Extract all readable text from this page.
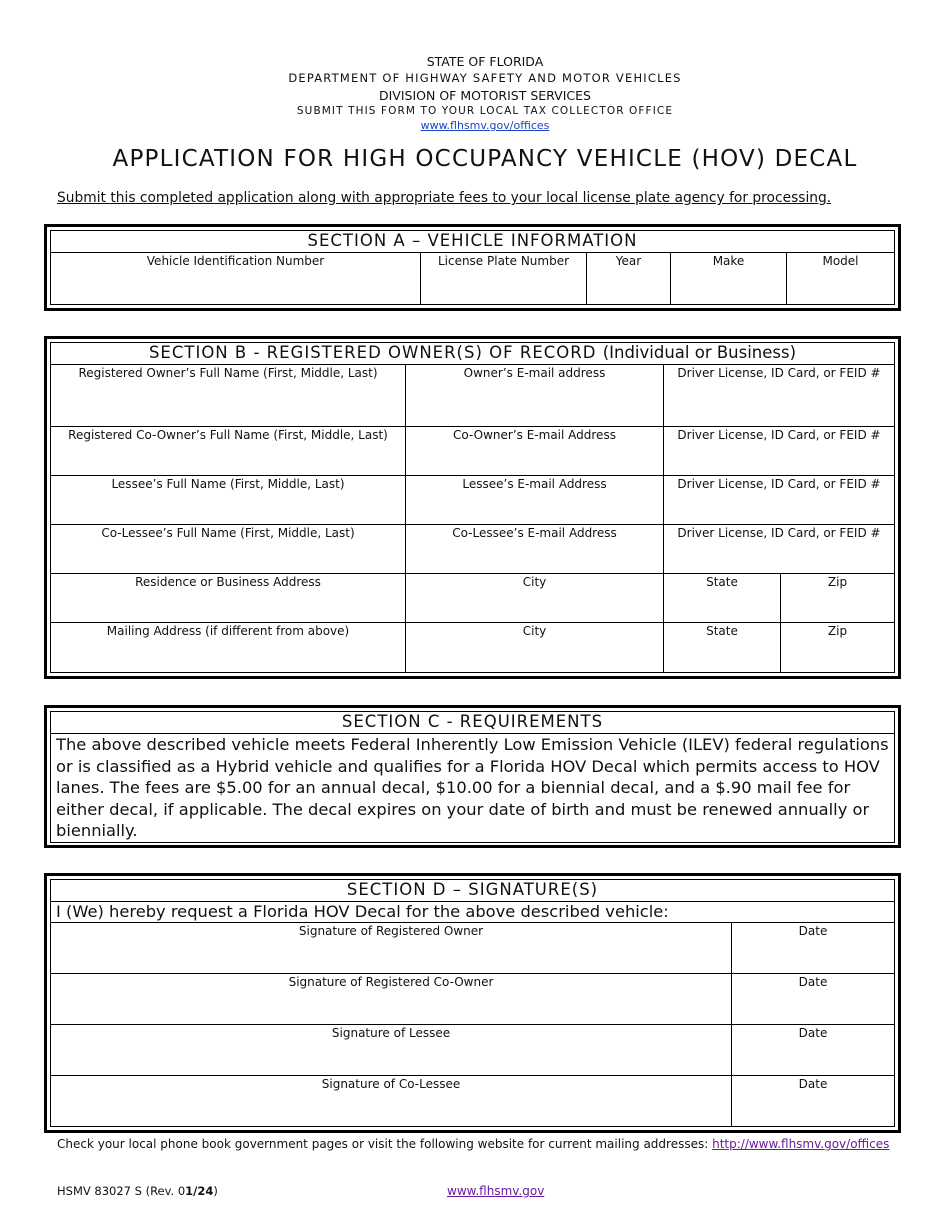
STATE OF FLORIDA
DEPARTMENT OF HIGHWAY SAFETY AND MOTOR VEHICLES
DIVISION OF MOTORIST SERVICES
SUBMIT THIS FORM TO YOUR LOCAL TAX COLLECTOR OFFICE
www.flhsmv.gov/offices
APPLICATION FOR HIGH OCCUPANCY VEHICLE (HOV) DECAL
Submit this completed application along with appropriate fees to your local license plate agency for processing.
SECTION A – VEHICLE INFORMATION

Vehicle Identification Number	License Plate Number	Year	Make	Model
SECTION B - REGISTERED OWNER(S) OF RECORD (Individual or Business)			

Registered Owner’s Full Name (First, Middle, Last)	Owner’s E-mail address	Driver License, ID Card, or FEID #	

Registered Co-Owner’s Full Name (First, Middle, Last)	Co-Owner’s E-mail Address	Driver License, ID Card, or FEID #	

Lessee’s Full Name (First, Middle, Last)	Lessee’s E-mail Address	Driver License, ID Card, or FEID #	

Co-Lessee’s Full Name (First, Middle, Last)	Co-Lessee’s E-mail Address	Driver License, ID Card, or FEID #	

Residence or Business Address	City	State	Zip

Mailing Address (if different from above)	City	State	Zip
SECTION C - REQUIREMENTS
The above described vehicle meets Federal Inherently Low Emission Vehicle (ILEV) federal regulations or is classified as a Hybrid vehicle and qualifies for a Florida HOV Decal which permits access to HOV lanes. The fees are $5.00 for an annual decal, $10.00 for a biennial decal, and a $.90 mail fee for either decal, if applicable. The decal expires on your date of birth and must be renewed annually or biennially.
SECTION D – SIGNATURE(S)	
I (We) hereby request a Florida HOV Decal for the above described vehicle:	

Signature of Registered Owner	Date

Signature of Registered Co-Owner	Date

Signature of Lessee	Date

Signature of Co-Lessee	Date
Check your local phone book government pages or visit the following website for current mailing addresses: http://www.flhsmv.gov/offices
HSMV 83027 S (Rev. 01/24)	www.flhsmv.gov
